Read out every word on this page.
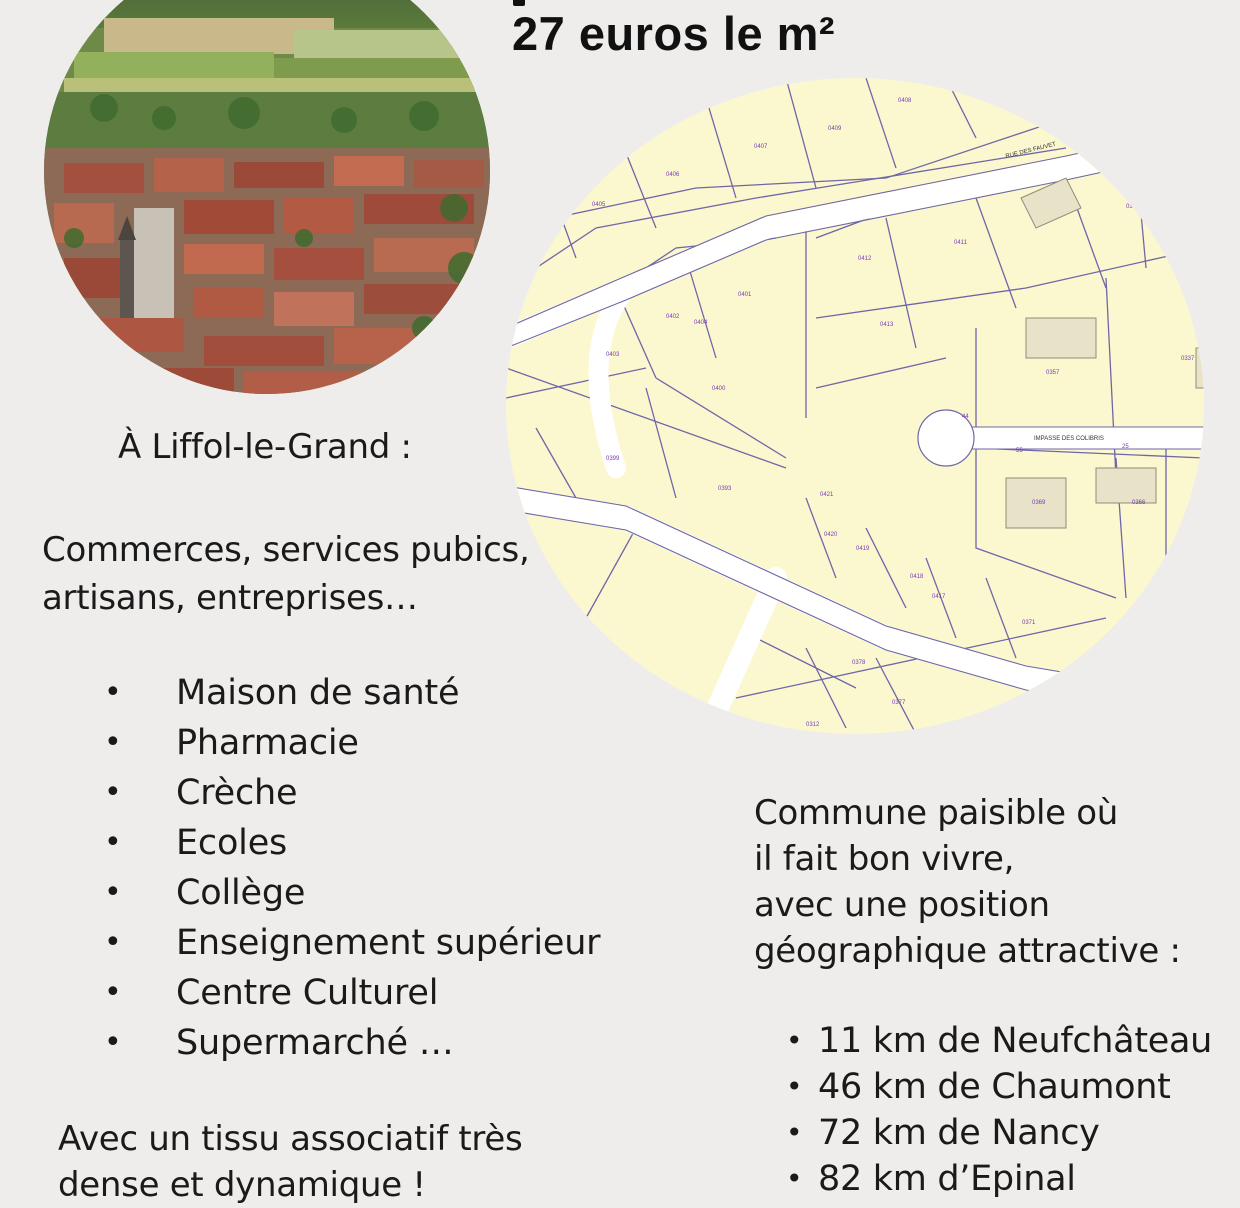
27 euros le m²
0408
0409
0407
0406
0405
0412
0411
0404
0401
0402
0403
0413
0400
0399
0393
0421
0420
0419
0418
0417
0371
0378
0377
0312
0357
0337
0369	0366
44
55
25
01
0387
RUE DES FAUVET
IMPASSE DES COLIBRIS
À Liffol-le-Grand :
Commerces, services pubics,
artisans, entreprises…
• Maison de santé
• Pharmacie
• Crèche
• Ecoles
• Collège
• Enseignement supérieur
• Centre Culturel
• Supermarché …
Avec un tissu associatif très
dense et dynamique !
Commune paisible où
il fait bon vivre,
avec une position
géographique attractive :
• 11 km de Neufchâteau
• 46 km de Chaumont
• 72 km de Nancy
• 82 km d’Epinal
